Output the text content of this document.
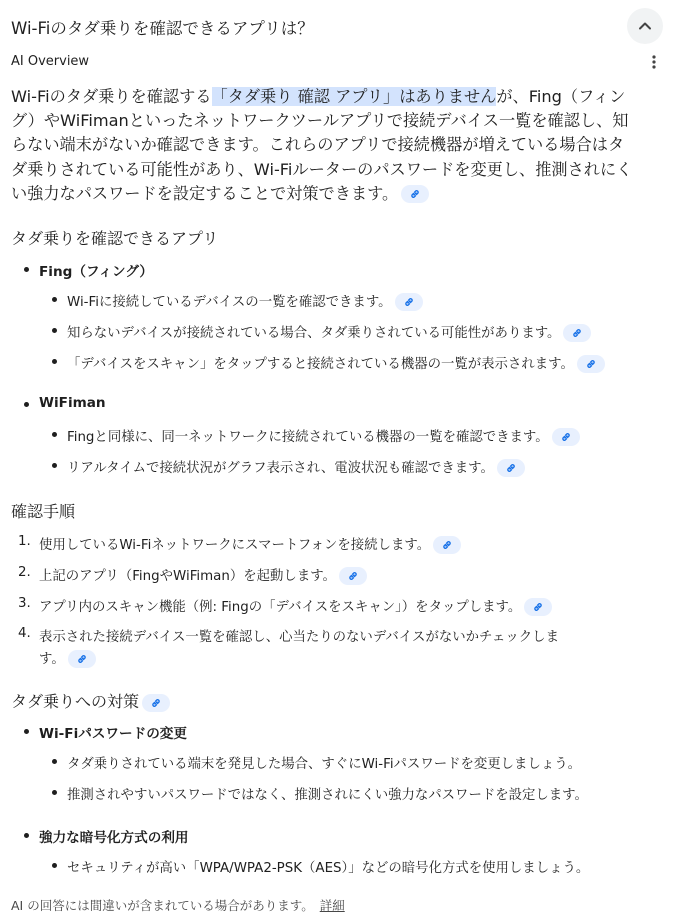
Wi-Fiのタダ乗りを確認できるアプリは？
AI Overview
Wi-Fiのタダ乗りを確認する「タダ乗り 確認 アプリ」はありませんが、Fing（フィン
グ）やWiFimanといったネットワークツールアプリで接続デバイス一覧を確認し、知
らない端末がないか確認できます。これらのアプリで接続機器が増えている場合はタ
ダ乗りされている可能性があり、Wi-Fiルーターのパスワードを変更し、推測されにく
い強力なパスワードを設定することで対策できます。
タダ乗りを確認できるアプリ
Fing（フィング）
Wi-Fiに接続しているデバイスの一覧を確認できます。
知らないデバイスが接続されている場合、タダ乗りされている可能性があります。
「デバイスをスキャン」をタップすると接続されている機器の一覧が表示されます。
WiFiman
Fingと同様に、同一ネットワークに接続されている機器の一覧を確認できます。
リアルタイムで接続状況がグラフ表示され、電波状況も確認できます。
確認手順
1. 使用しているWi-Fiネットワークにスマートフォンを接続します。
2. 上記のアプリ（FingやWiFiman）を起動します。
3. アプリ内のスキャン機能（例: Fingの「デバイスをスキャン」）をタップします。
4. 表示された接続デバイス一覧を確認し、心当たりのないデバイスがないかチェックしま
す。
タダ乗りへの対策
Wi-Fiパスワードの変更
タダ乗りされている端末を発見した場合、すぐにWi-Fiパスワードを変更しましょう。
推測されやすいパスワードではなく、推測されにくい強力なパスワードを設定します。
強力な暗号化方式の利用
セキュリティが高い「WPA/WPA2-PSK（AES）」などの暗号化方式を使用しましょう。
AI の回答には間違いが含まれている場合があります。 詳細
